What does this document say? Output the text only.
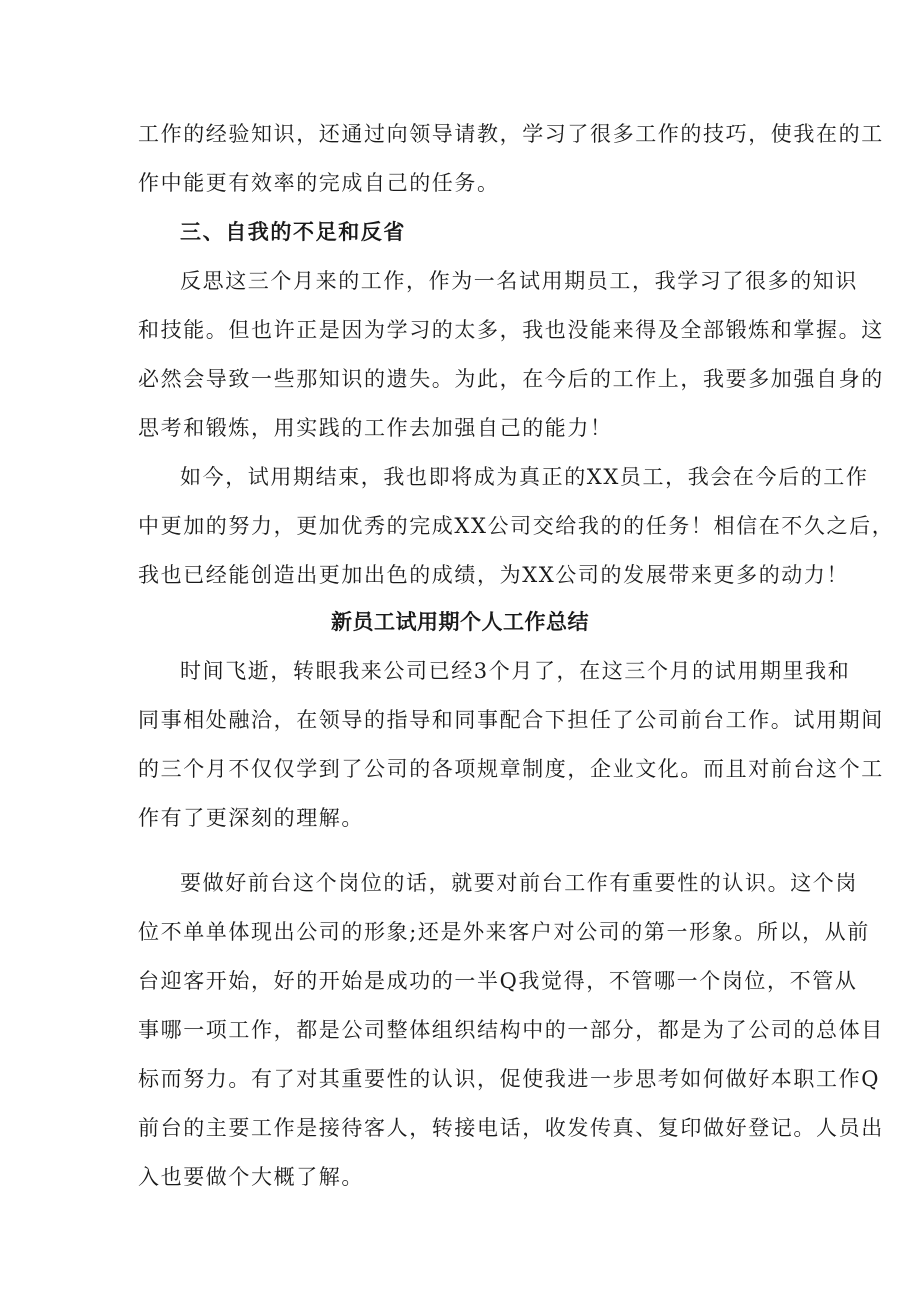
工作的经验知识，还通过向领导请教，学习了很多工作的技巧，使我在的工
作中能更有效率的完成自己的任务。
三、自我的不足和反省
反思这三个月来的工作，作为一名试用期员工，我学习了很多的知识
和技能。但也许正是因为学习的太多，我也没能来得及全部锻炼和掌握。这
必然会导致一些那知识的遗失。为此，在今后的工作上，我要多加强自身的
思考和锻炼，用实践的工作去加强自己的能力！
如今，试用期结束，我也即将成为真正的XX员工，我会在今后的工作
中更加的努力，更加优秀的完成XX公司交给我的的任务！相信在不久之后，
我也已经能创造出更加出色的成绩，为XX公司的发展带来更多的动力！
新员工试用期个人工作总结
时间飞逝，转眼我来公司已经3个月了，在这三个月的试用期里我和
同事相处融洽，在领导的指导和同事配合下担任了公司前台工作。试用期间
的三个月不仅仅学到了公司的各项规章制度，企业文化。而且对前台这个工
作有了更深刻的理解。
要做好前台这个岗位的话，就要对前台工作有重要性的认识。这个岗
位不单单体现出公司的形象;还是外来客户对公司的第一形象。所以，从前
台迎客开始，好的开始是成功的一半Q我觉得，不管哪一个岗位，不管从
事哪一项工作，都是公司整体组织结构中的一部分，都是为了公司的总体目
标而努力。有了对其重要性的认识，促使我进一步思考如何做好本职工作Q
前台的主要工作是接待客人，转接电话，收发传真、复印做好登记。人员出
入也要做个大概了解。
